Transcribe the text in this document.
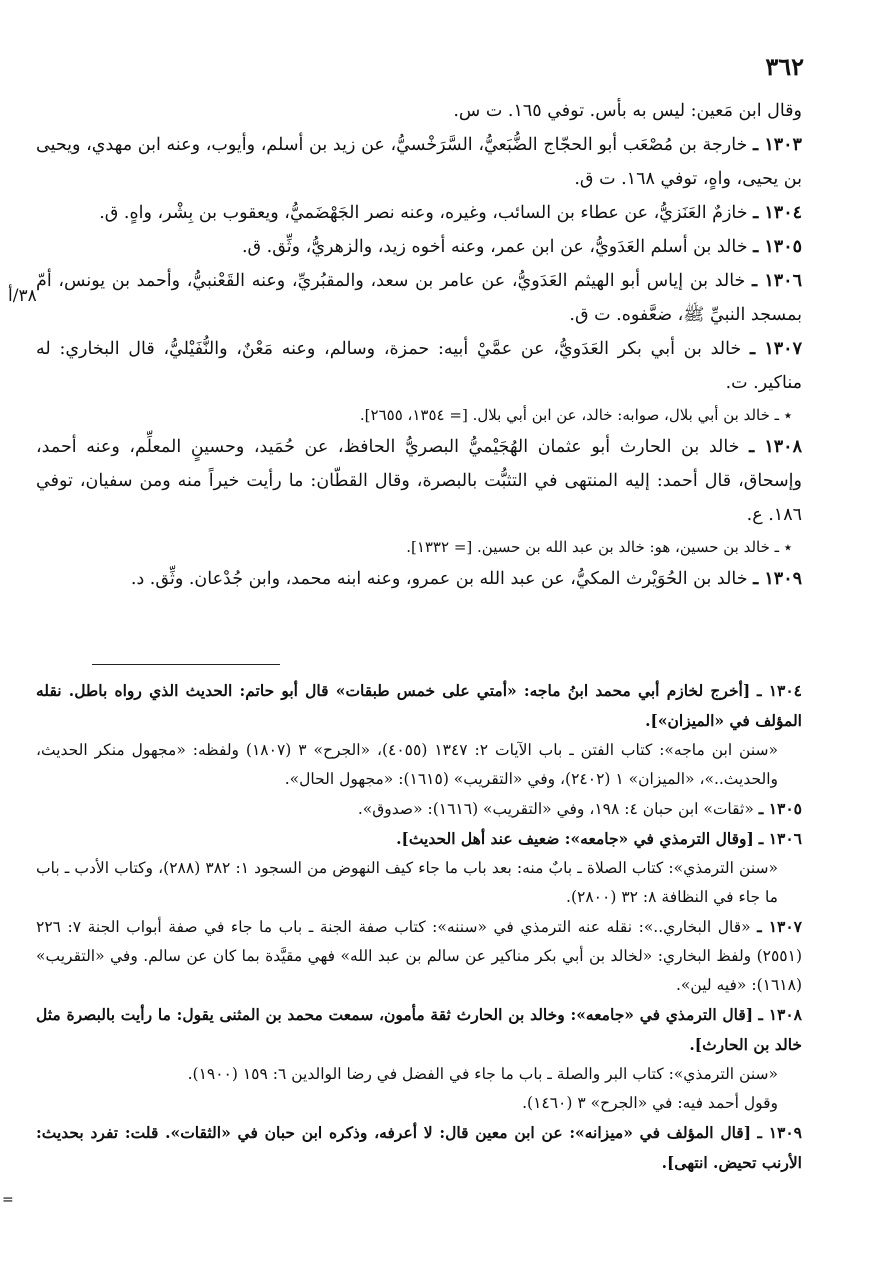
٣٦٢
٣٨/أ

وقال ابن مَعين: ليس به بأس. توفي ١٦٥. ت س.

١٣٠٣ ـ خارجة بن مُصْعَب أبو الحجّاج الضُّبَعيُّ، السَّرَخْسيُّ، عن زيد بن أسلم، وأيوب، وعنه ابن مهدي، ويحيى بن يحيى، واهٍ، توفي ١٦٨. ت ق.

١٣٠٤ ـ خازمٌ العَنَزيُّ، عن عطاء بن السائب، وغيره، وعنه نصر الجَهْضَميُّ، ويعقوب بن بِشْر، واهٍ. ق.

١٣٠٥ ـ خالد بن أسلم العَدَويُّ، عن ابن عمر، وعنه أخوه زيد، والزهريُّ، وثِّق. ق.

١٣٠٦ ـ خالد بن إياس أبو الهيثم العَدَويُّ، عن عامر بن سعد، والمقبُريِّ، وعنه القَعْنبيُّ، وأحمد بن يونس، أمّ بمسجد النبيِّ ﷺ، ضعَّفوه. ت ق.

١٣٠٧ ـ خالد بن أبي بكر العَدَويُّ، عن عمَّيْ أبيه: حمزة، وسالم، وعنه مَعْنٌ، والنُّفَيْليُّ، قال البخاري: له مناكير. ت.

٭ ـ خالد بن أبي بلال، صوابه: خالد، عن ابن أبي بلال. [= ١٣٥٤، ٢٦٥٥].

١٣٠٨ ـ خالد بن الحارث أبو عثمان الهُجَيْميُّ البصريُّ الحافظ، عن حُمَيد، وحسينٍ المعلِّم، وعنه أحمد، وإسحاق، قال أحمد: إليه المنتهى في التثبُّت بالبصرة، وقال القطّان: ما رأيت خيراً منه ومن سفيان، توفي ١٨٦. ع.

٭ ـ خالد بن حسين، هو: خالد بن عبد الله بن حسين. [= ١٣٣٢].

١٣٠٩ ـ خالد بن الحُوَيْرث المكيُّ، عن عبد الله بن عمرو، وعنه ابنه محمد، وابن جُدْعان. وثِّق. د.

١٣٠٤ ـ [أخرج لخازم أبي محمد ابنُ ماجه: «أمتي على خمس طبقات» قال أبو حاتم: الحديث الذي رواه باطل. نقله المؤلف في «الميزان»].

«سنن ابن ماجه»: كتاب الفتن ـ باب الآيات ٢: ١٣٤٧ (٤٠٥٥)، «الجرح» ٣ (١٨٠٧) ولفظه: «مجهول منكر الحديث، والحديث..»، «الميزان» ١ (٢٤٠٢)، وفي «التقريب» (١٦١٥): «مجهول الحال».

١٣٠٥ ـ «ثقات» ابن حبان ٤: ١٩٨، وفي «التقريب» (١٦١٦): «صدوق».

١٣٠٦ ـ [وقال الترمذي في «جامعه»: ضعيف عند أهل الحديث].

«سنن الترمذي»: كتاب الصلاة ـ بابٌ منه: بعد باب ما جاء كيف النهوض من السجود ١: ٣٨٢ (٢٨٨)، وكتاب الأدب ـ باب ما جاء في النظافة ٨: ٣٢ (٢٨٠٠).

١٣٠٧ ـ «قال البخاري..»: نقله عنه الترمذي في «سننه»: كتاب صفة الجنة ـ باب ما جاء في صفة أبواب الجنة ٧: ٢٢٦ (٢٥٥١) ولفظ البخاري: «لخالد بن أبي بكر مناكير عن سالم بن عبد الله» فهي مقيَّدة بما كان عن سالم. وفي «التقريب» (١٦١٨): «فيه لين».

١٣٠٨ ـ [قال الترمذي في «جامعه»: وخالد بن الحارث ثقة مأمون، سمعت محمد بن المثنى يقول: ما رأيت بالبصرة مثل خالد بن الحارث].

«سنن الترمذي»: كتاب البر والصلة ـ باب ما جاء في الفضل في رضا الوالدين ٦: ١٥٩ (١٩٠٠).
وقول أحمد فيه: في «الجرح» ٣ (١٤٦٠).

١٣٠٩ ـ [قال المؤلف في «ميزانه»: عن ابن معين قال: لا أعرفه، وذكره ابن حبان في «الثقات». قلت: تفرد بحديث: الأرنب تحيض. انتهى].

=
